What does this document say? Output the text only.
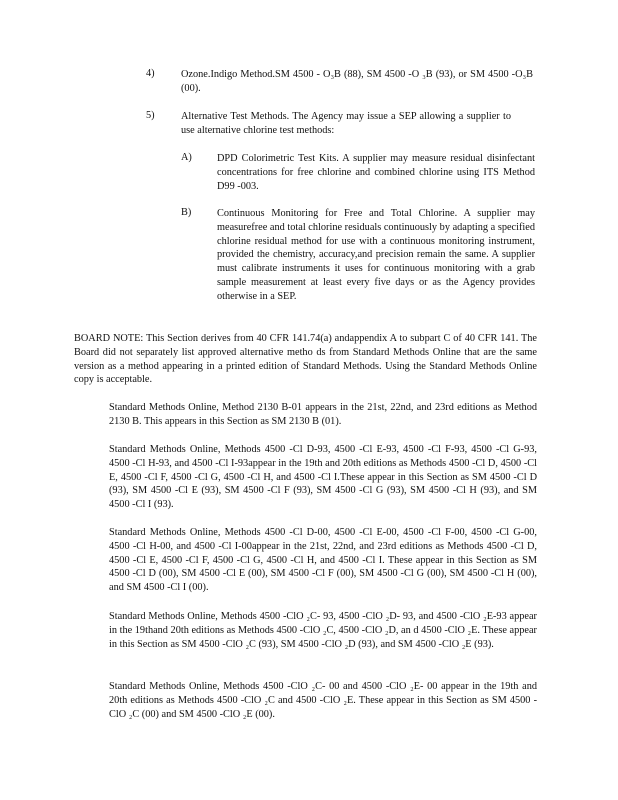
4)	Ozone.Indigo Method.SM 4500 - O₃B (88), SM 4500 -O ₃B (93), or SM 4500 -O₃B (00).
5)	Alternative Test Methods. The Agency may issue a SEP allowing a supplier to use alternative chlorine test methods:
A) DPD Colorimetric Test Kits. A supplier may measure residual disinfectant concentrations for free chlorine and combined chlorine using ITS Method D99 -003.
B) Continuous Monitoring for Free and Total Chlorine. A supplier may measurefree and total chlorine residuals continuously by adapting a specified chlorine residual method for use with a continuous monitoring instrument, provided the chemistry, accuracy,and precision remain the same. A supplier must calibrate instruments it uses for continuous monitoring with a grab sample measurement at least every five days or as the Agency provides otherwise in a SEP.
BOARD NOTE: This Section derives from 40 CFR 141.74(a) andappendix A to subpart C of 40 CFR 141. The Board did not separately list approved alternative metho ds from Standard Methods Online that are the same version as a method appearing in a printed edition of Standard Methods. Using the Standard Methods Online copy is acceptable.
Standard Methods Online, Method 2130 B-01 appears in the 21st, 22nd, and 23rd editions as Method 2130 B. This appears in this Section as SM 2130 B (01).
Standard Methods Online, Methods 4500 -Cl D-93, 4500 -Cl E-93, 4500 -Cl F-93, 4500 -Cl G-93, 4500 -Cl H-93, and 4500 -Cl I-93appear in the 19th and 20th editions as Methods 4500 -Cl D, 4500 -Cl E, 4500 -Cl F, 4500 -Cl G, 4500 -Cl H, and 4500 -Cl I.These appear in this Section as SM 4500 -Cl D (93), SM 4500 -Cl E (93), SM 4500 -Cl F (93), SM 4500 -Cl G (93), SM 4500 -Cl H (93), and SM 4500 -Cl I (93).
Standard Methods Online, Methods 4500 -Cl D-00, 4500 -Cl E-00, 4500 -Cl F-00, 4500 -Cl G-00, 4500 -Cl H-00, and 4500 -Cl I-00appear in the 21st, 22nd, and 23rd editions as Methods 4500 -Cl D, 4500 -Cl E, 4500 -Cl F, 4500 -Cl G, 4500 -Cl H, and 4500 -Cl I. These appear in this Section as SM 4500 -Cl D (00), SM 4500 -Cl E (00), SM 4500 -Cl F (00), SM 4500 -Cl G (00), SM 4500 -Cl H (00), and SM 4500 -Cl I (00).
Standard Methods Online, Methods 4500 -ClO ₂C- 93, 4500 -ClO ₂D- 93, and 4500 -ClO ₂E-93 appear in the 19thand 20th editions as Methods 4500 -ClO ₂C, 4500 -ClO ₂D, an d 4500 -ClO ₂E. These appear in this Section as SM 4500 -ClO ₂C (93), SM 4500 -ClO ₂D (93), and SM 4500 -ClO ₂E (93).
Standard Methods Online, Methods 4500 -ClO ₂C- 00 and 4500 -ClO ₂E- 00 appear in the 19th and 20th editions as Methods 4500 -ClO ₂C and 4500 -ClO ₂E. These appear in this Section as SM 4500 -ClO ₂C (00) and SM 4500 -ClO ₂E (00).
